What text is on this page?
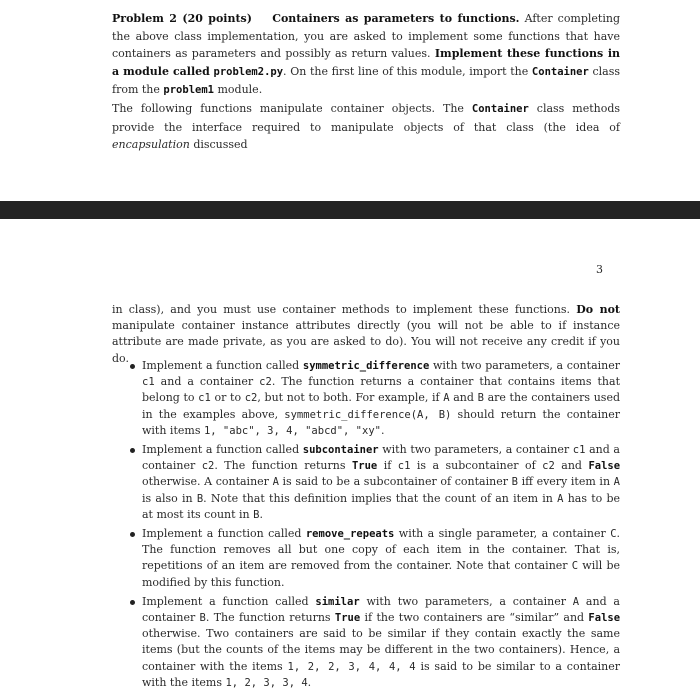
Problem 2 (20 points) Containers as parameters to functions. After completing the above class implementation, you are asked to implement some functions that have containers as parameters and possibly as return values. Implement these functions in a module called problem2.py. On the first line of this module, import the Container class from the problem1 module.

The following functions manipulate container objects. The Container class methods provide the interface required to manipulate objects of that class (the idea of encapsulation discussed

3

in class), and you must use container methods to implement these functions. Do not manipulate container instance attributes directly (you will not be able to if instance attribute are made private, as you are asked to do). You will not receive any credit if you do.

Implement a function called symmetric_difference with two parameters, a container c1 and a container c2. The function returns a container that contains items that belong to c1 or to c2, but not to both. For example, if A and B are the containers used in the examples above, symmetric_difference(A, B) should return the container with items 1, "abc", 3, 4, "abcd", "xy".
Implement a function called subcontainer with two parameters, a container c1 and a container c2. The function returns True if c1 is a subcontainer of c2 and False otherwise. A container A is said to be a subcontainer of container B iff every item in A is also in B. Note that this definition implies that the count of an item in A has to be at most its count in B.
Implement a function called remove_repeats with a single parameter, a container C. The function removes all but one copy of each item in the container. That is, repetitions of an item are removed from the container. Note that container C will be modified by this function.
Implement a function called similar with two parameters, a container A and a container B. The function returns True if the two containers are “similar” and False otherwise. Two containers are said to be similar if they contain exactly the same items (but the counts of the items may be different in the two containers). Hence, a container with the items 1, 2, 2, 3, 4, 4, 4 is said to be similar to a container with the items 1, 2, 3, 3, 4.
